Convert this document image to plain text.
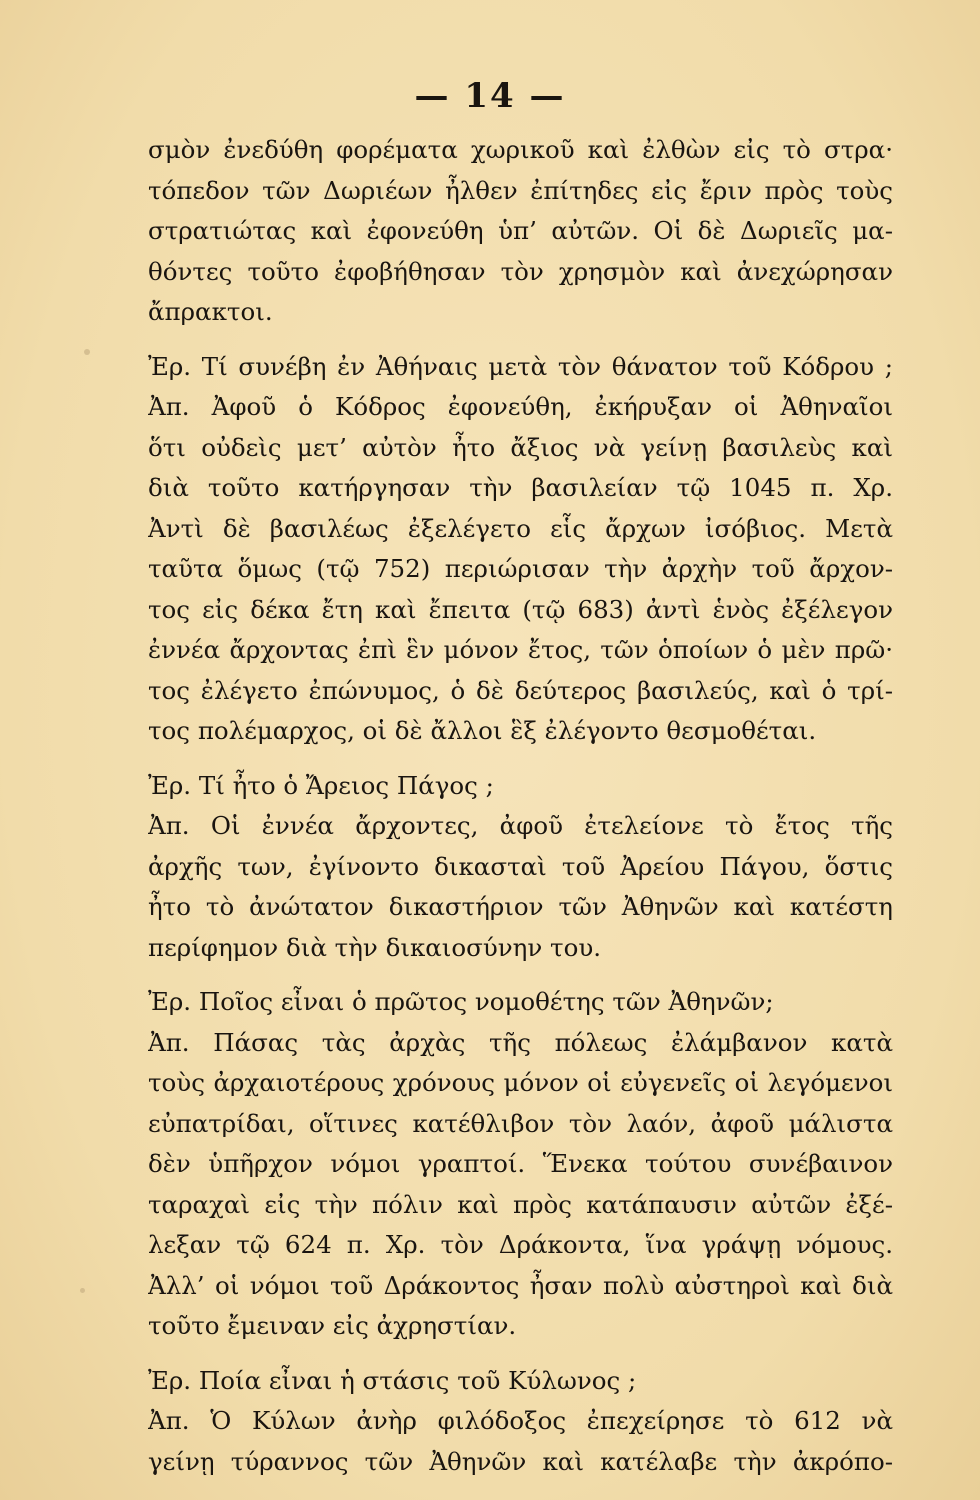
— 14 —
σμὸν ἐνεδύθη φορέματα χωρικοῦ καὶ ἐλθὼν εἰς τὸ στρα·
τόπεδον τῶν Δωριέων ἦλθεν ἐπίτηδες εἰς ἔριν πρὸς τοὺς
στρατιώτας καὶ ἐφονεύθη ὑπ’ αὐτῶν. Οἱ δὲ Δωριεῖς μα-
θόντες τοῦτο ἐφοβήθησαν τὸν χρησμὸν καὶ ἀνεχώρησαν
ἄπρακτοι.
Ἐρ. Τί συνέβη ἐν Ἀθήναις μετὰ τὸν θάνατον τοῦ Κόδρου ;
Ἀπ. Ἀφοῦ ὁ Κόδρος ἐφονεύθη, ἐκήρυξαν οἱ Ἀθηναῖοι
ὅτι οὐδεὶς μετ’ αὐτὸν ἦτο ἄξιος νὰ γείνῃ βασιλεὺς καὶ
διὰ τοῦτο κατήργησαν τὴν βασιλείαν τῷ 1045 π. Χρ.
Ἀντὶ δὲ βασιλέως ἐξελέγετο εἷς ἄρχων ἰσόβιος. Μετὰ
ταῦτα ὅμως (τῷ 752) περιώρισαν τὴν ἀρχὴν τοῦ ἄρχον-
τος εἰς δέκα ἔτη καὶ ἔπειτα (τῷ 683) ἀντὶ ἑνὸς ἐξέλεγον
ἐννέα ἄρχοντας ἐπὶ ἓν μόνον ἔτος, τῶν ὁποίων ὁ μὲν πρῶ·
τος ἐλέγετο ἐπώνυμος, ὁ δὲ δεύτερος βασιλεύς, καὶ ὁ τρί-
τος πολέμαρχος, οἱ δὲ ἄλλοι ἓξ ἐλέγοντο θεσμοθέται.
Ἐρ. Τί ἦτο ὁ Ἄρειος Πάγος ;
Ἀπ. Οἱ ἐννέα ἄρχοντες, ἀφοῦ ἐτελείονε τὸ ἔτος τῆς
ἀρχῆς των, ἐγίνοντο δικασταὶ τοῦ Ἀρείου Πάγου, ὅστις
ἦτο τὸ ἀνώτατον δικαστήριον τῶν Ἀθηνῶν καὶ κατέστη
περίφημον διὰ τὴν δικαιοσύνην του.
Ἐρ. Ποῖος εἶναι ὁ πρῶτος νομοθέτης τῶν Ἀθηνῶν;
Ἀπ. Πάσας τὰς ἀρχὰς τῆς πόλεως ἐλάμβανον κατὰ
τοὺς ἀρχαιοτέρους χρόνους μόνον οἱ εὐγενεῖς οἱ λεγόμενοι
εὐπατρίδαι, οἵτινες κατέθλιβον τὸν λαόν, ἀφοῦ μάλιστα
δὲν ὑπῆρχον νόμοι γραπτοί. Ἕνεκα τούτου συνέβαινον
ταραχαὶ εἰς τὴν πόλιν καὶ πρὸς κατάπαυσιν αὐτῶν ἐξέ-
λεξαν τῷ 624 π. Χρ. τὸν Δράκοντα, ἵνα γράψῃ νόμους.
Ἀλλ’ οἱ νόμοι τοῦ Δράκοντος ἦσαν πολὺ αὐστηροὶ καὶ διὰ
τοῦτο ἔμειναν εἰς ἀχρηστίαν.
Ἐρ. Ποία εἶναι ἡ στάσις τοῦ Κύλωνος ;
Ἀπ. Ὁ Κύλων ἀνὴρ φιλόδοξος ἐπεχείρησε τὸ 612 νὰ
γείνῃ τύραννος τῶν Ἀθηνῶν καὶ κατέλαβε τὴν ἀκρόπο-
